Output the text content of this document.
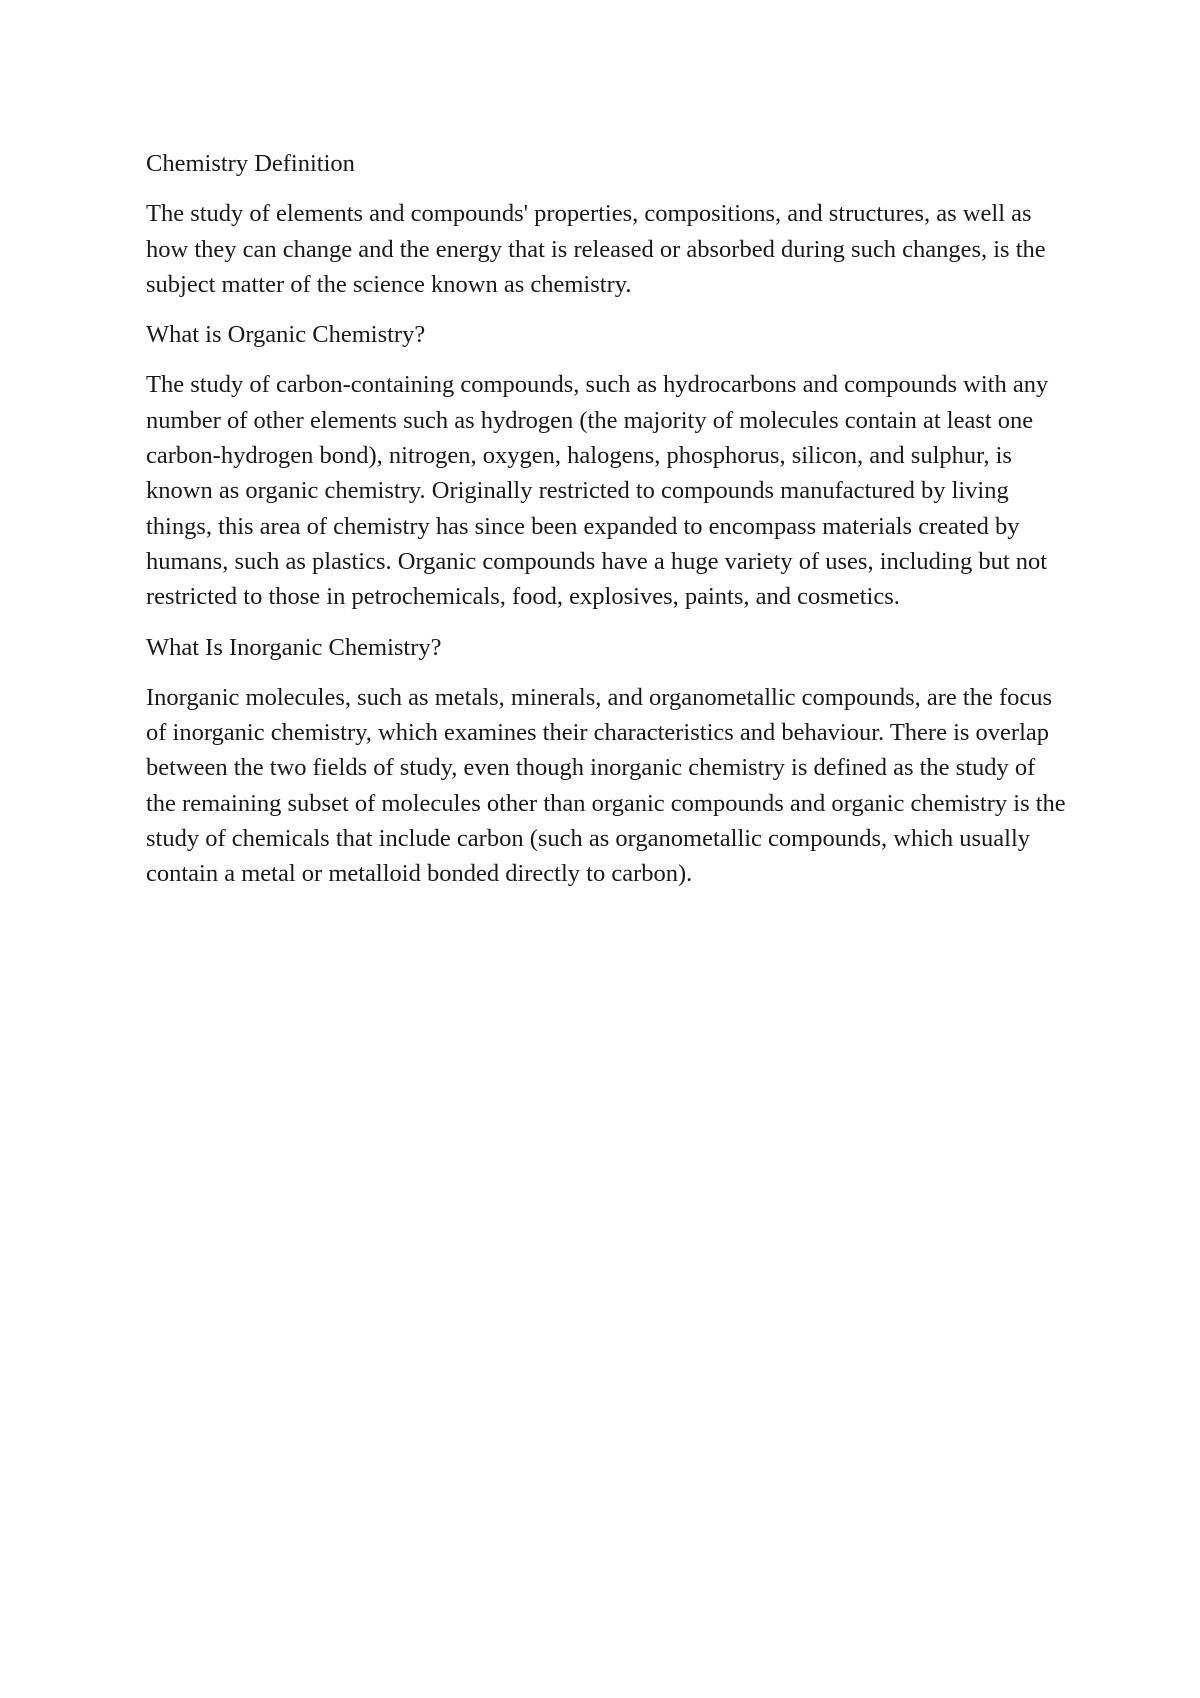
Chemistry Definition

The study of elements and compounds' properties, compositions, and structures, as well as how they can change and the energy that is released or absorbed during such changes, is the subject matter of the science known as chemistry.

What is Organic Chemistry?

The study of carbon-containing compounds, such as hydrocarbons and compounds with any number of other elements such as hydrogen (the majority of molecules contain at least one carbon-hydrogen bond), nitrogen, oxygen, halogens, phosphorus, silicon, and sulphur, is known as organic chemistry. Originally restricted to compounds manufactured by living things, this area of chemistry has since been expanded to encompass materials created by humans, such as plastics. Organic compounds have a huge variety of uses, including but not restricted to those in petrochemicals, food, explosives, paints, and cosmetics.

What Is Inorganic Chemistry?

Inorganic molecules, such as metals, minerals, and organometallic compounds, are the focus of inorganic chemistry, which examines their characteristics and behaviour. There is overlap between the two fields of study, even though inorganic chemistry is defined as the study of the remaining subset of molecules other than organic compounds and organic chemistry is the study of chemicals that include carbon (such as organometallic compounds, which usually contain a metal or metalloid bonded directly to carbon).
